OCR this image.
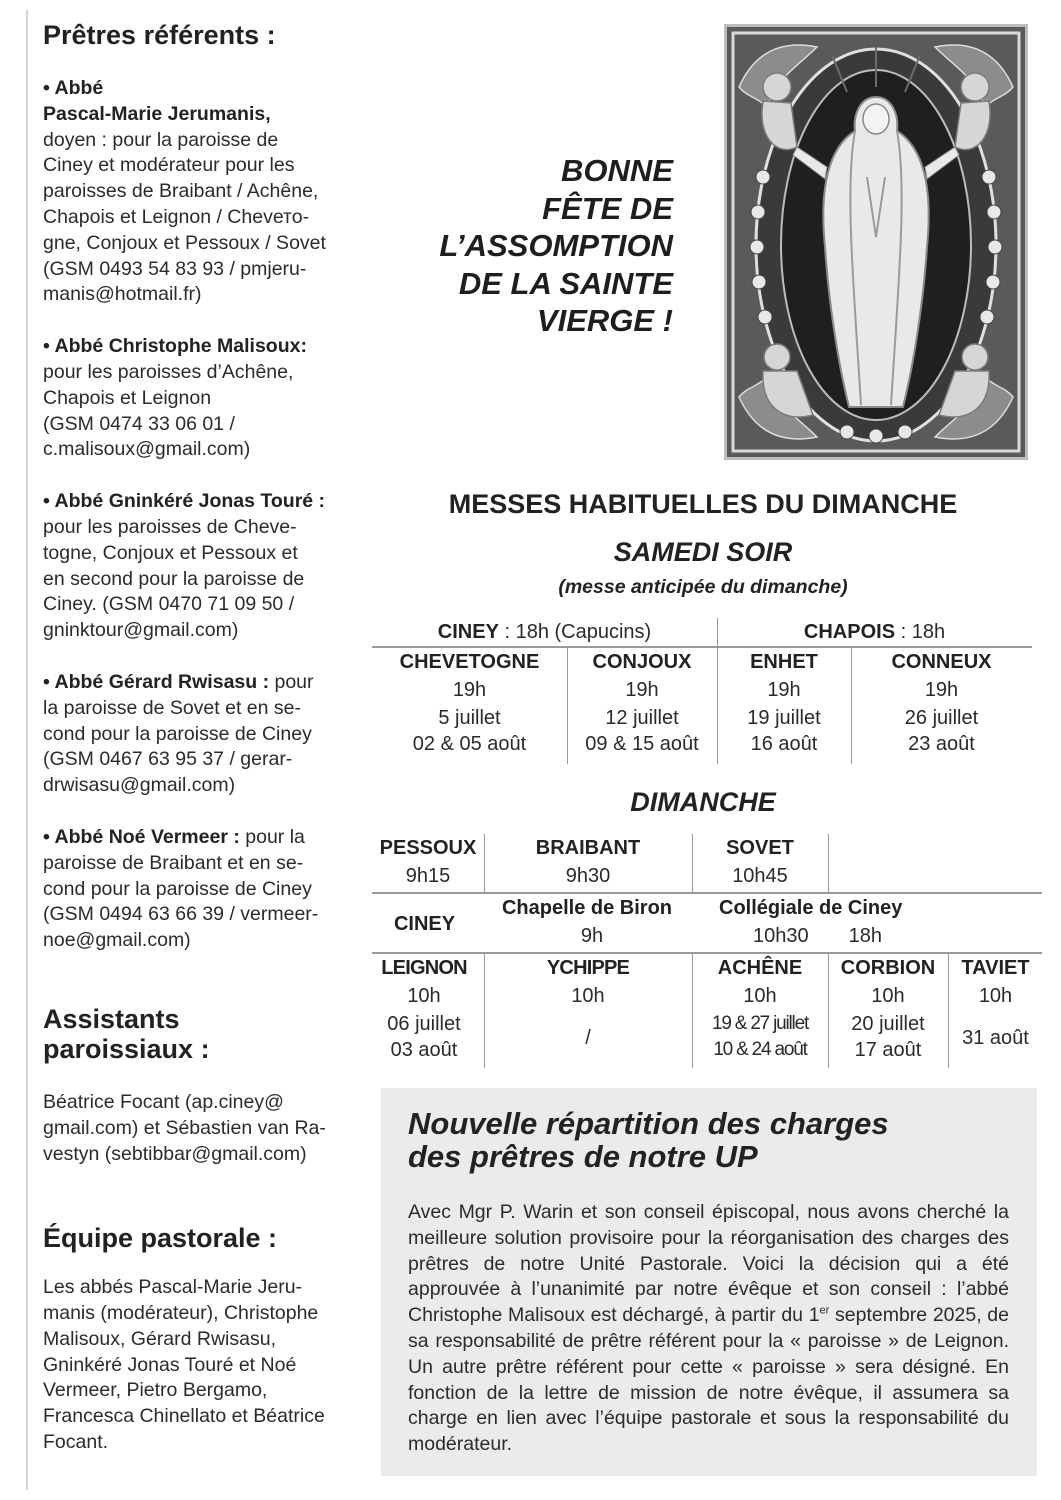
Prêtres référents :

• Abbé

Pascal-Marie Jerumanis,

doyen : pour la paroisse de

Ciney et modérateur pour les

paroisses de Braibant / Achêne,

Chapois et Leignon / Chevето-

gne, Conjoux et Pessoux / Sovet

(GSM 0493 54 83 93 / pmjeru-

manis@hotmail.fr)

• Abbé Christophe Malisoux:

pour les paroisses d’Achêne,

Chapois et Leignon

(GSM 0474 33 06 01 /

c.malisoux@gmail.com)

• Abbé Gninkéré Jonas Touré :

pour les paroisses de Cheve-

togne, Conjoux et Pessoux et

en second pour la paroisse de

Ciney. (GSM 0470 71 09 50 /

gninktour@gmail.com)

• Abbé Gérard Rwisasu : pour

la paroisse de Sovet et en se-

cond pour la paroisse de Ciney

(GSM 0467 63 95 37 / gerar-

drwisasu@gmail.com)

• Abbé Noé Vermeer : pour la

paroisse de Braibant et en se-

cond pour la paroisse de Ciney

(GSM 0494 63 66 39 / vermeer-

noe@gmail.com)

Assistants
paroissiaux :

Béatrice Focant (ap.ciney@

gmail.com) et Sébastien van Ra-

vestyn (sebtibbar@gmail.com)

Équipe pastorale :

Les abbés Pascal-Marie Jeru-

manis (modérateur), Christophe

Malisoux, Gérard Rwisasu,

Gninkéré Jonas Touré et Noé

Vermeer, Pietro Bergamo,

Francesca Chinellato et Béatrice

Focant.

BONNE
FÊTE DE
L’ASSOMPTION
DE LA SAINTE
VIERGE !
MESSES HABITUELLES DU DIMANCHE
SAMEDI SOIR
(messe anticipée du dimanche)
CINEY : 18h (Capucins)	CHAPOIS : 18h
CHEVETOGNE
19h
5 juillet
02 & 05 août
CONJOUX
19h
12 juillet
09 & 15 août
ENHET
19h
19 juillet
16 août
CONNEUX
19h
26 juillet
23 août
DIMANCHE
PESSOUX
9h15
BRAIBANT
9h30
SOVET
10h45
CINEY
Chapelle de Biron
9h
Collégiale de Ciney
10h30 18h
LEIGNON
10h
06 juillet
03 août
YCHIPPE
10h
/
ACHÊNE
10h
19 & 27 juillet
10 & 24 août
CORBION
10h
20 juillet
17 août
TAVIET
10h
31 août
Nouvelle répartition des charges
des prêtres de notre UP

Avec Mgr P. Warin et son conseil épiscopal, nous avons cherché la meilleure solution provisoire pour la réorganisation des charges des prêtres de notre Unité Pastorale. Voici la décision qui a été approuvée à l’unanimité par notre évêque et son conseil : l’abbé Christophe Malisoux est déchargé, à partir du 1er septembre 2025, de sa responsabilité de prêtre référent pour la « paroisse » de Leignon. Un autre prêtre référent pour cette « paroisse » sera désigné. En fonction de la lettre de mission de notre évêque, il assumera sa charge en lien avec l’équipe pastorale et sous la responsabilité du modérateur.
